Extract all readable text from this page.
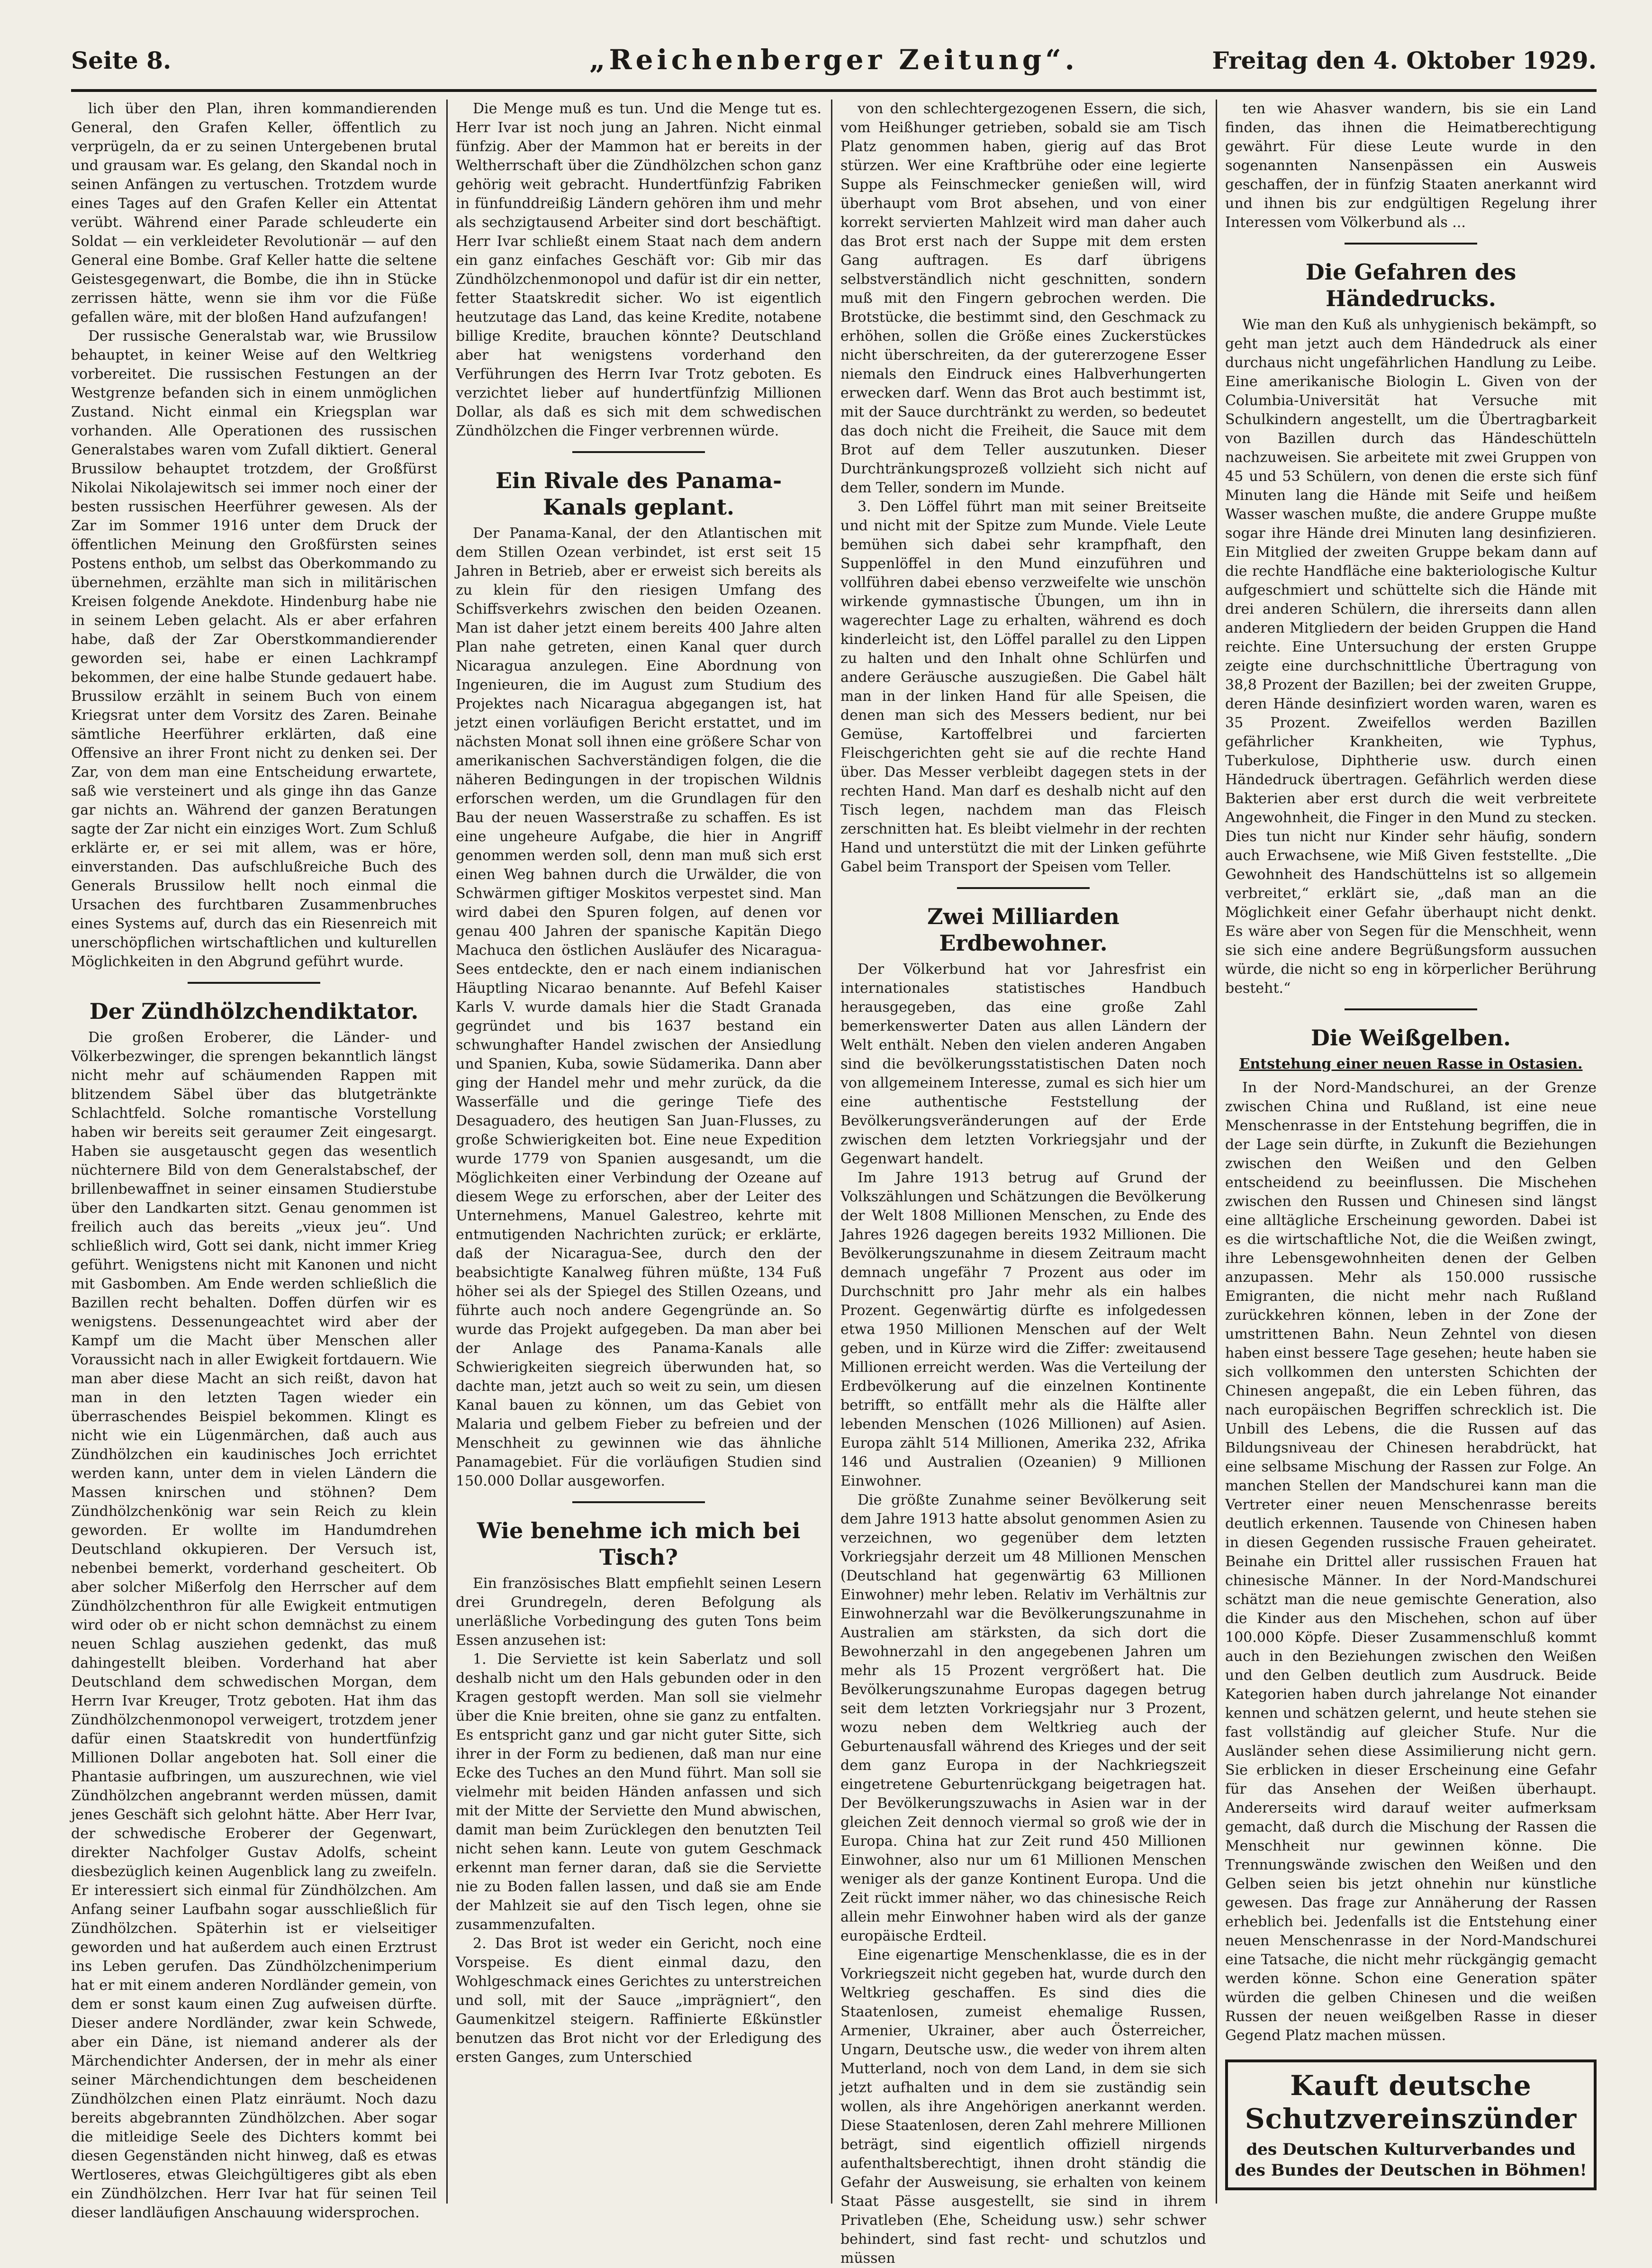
Seite 8.	„Reichenberger Zeitung“.	Freitag den 4. Oktober 1929.

lich über den Plan, ihren kommandierenden General, den Grafen Keller, öffentlich zu verprügeln, da er zu seinen Untergebenen brutal und grausam war. Es gelang, den Skandal noch in seinen Anfängen zu vertuschen. Trotzdem wurde eines Tages auf den Grafen Keller ein Attentat verübt. Während einer Parade schleuderte ein Soldat — ein verkleideter Revolutionär — auf den General eine Bombe. Graf Keller hatte die seltene Geistesgegenwart, die Bombe, die ihn in Stücke zerrissen hätte, wenn sie ihm vor die Füße gefallen wäre, mit der bloßen Hand aufzufangen!

Der russische Generalstab war, wie Brussilow behauptet, in keiner Weise auf den Weltkrieg vorbereitet. Die russischen Festungen an der Westgrenze befanden sich in einem unmöglichen Zustand. Nicht einmal ein Kriegsplan war vorhanden. Alle Operationen des russischen Generalstabes waren vom Zufall diktiert. General Brussilow behauptet trotzdem, der Großfürst Nikolai Nikolajewitsch sei immer noch einer der besten russischen Heerführer gewesen. Als der Zar im Sommer 1916 unter dem Druck der öffentlichen Meinung den Großfürsten seines Postens enthob, um selbst das Oberkommando zu übernehmen, erzählte man sich in militärischen Kreisen folgende Anekdote. Hindenburg habe nie in seinem Leben gelacht. Als er aber erfahren habe, daß der Zar Oberstkommandierender geworden sei, habe er einen Lachkrampf bekommen, der eine halbe Stunde gedauert habe. Brussilow erzählt in seinem Buch von einem Kriegsrat unter dem Vorsitz des Zaren. Beinahe sämtliche Heerführer erklärten, daß eine Offensive an ihrer Front nicht zu denken sei. Der Zar, von dem man eine Entscheidung erwartete, saß wie versteinert und als ginge ihn das Ganze gar nichts an. Während der ganzen Beratungen sagte der Zar nicht ein einziges Wort. Zum Schluß erklärte er, er sei mit allem, was er höre, einverstanden. Das aufschlußreiche Buch des Generals Brussilow hellt noch einmal die Ursachen des furchtbaren Zusammenbruches eines Systems auf, durch das ein Riesenreich mit unerschöpflichen wirtschaftlichen und kulturellen Möglichkeiten in den Abgrund geführt wurde.

Der Zündhölzchendiktator.

Die großen Eroberer, die Länder- und Völkerbezwinger, die sprengen bekanntlich längst nicht mehr auf schäumenden Rappen mit blitzendem Säbel über das blutgetränkte Schlachtfeld. Solche romantische Vorstellung haben wir bereits seit geraumer Zeit eingesargt. Haben sie ausgetauscht gegen das wesentlich nüchternere Bild von dem Generalstabschef, der brillenbewaffnet in seiner einsamen Studierstube über den Landkarten sitzt. Genau genommen ist freilich auch das bereits „vieux jeu“. Und schließlich wird, Gott sei dank, nicht immer Krieg geführt. Wenigstens nicht mit Kanonen und nicht mit Gasbomben. Am Ende werden schließlich die Bazillen recht behalten. Doffen dürfen wir es wenigstens. Dessenungeachtet wird aber der Kampf um die Macht über Menschen aller Voraussicht nach in aller Ewigkeit fortdauern. Wie man aber diese Macht an sich reißt, davon hat man in den letzten Tagen wieder ein überraschendes Beispiel bekommen. Klingt es nicht wie ein Lügenmärchen, daß auch aus Zündhölzchen ein kaudinisches Joch errichtet werden kann, unter dem in vielen Ländern die Massen knirschen und stöhnen? Dem Zündhölzchenkönig war sein Reich zu klein geworden. Er wollte im Handumdrehen Deutschland okkupieren. Der Versuch ist, nebenbei bemerkt, vorderhand gescheitert. Ob aber solcher Mißerfolg den Herrscher auf dem Zündhölzchenthron für alle Ewigkeit entmutigen wird oder ob er nicht schon demnächst zu einem neuen Schlag ausziehen gedenkt, das muß dahingestellt bleiben. Vorderhand hat aber Deutschland dem schwedischen Morgan, dem Herrn Ivar Kreuger, Trotz geboten. Hat ihm das Zündhölzchenmonopol verweigert, trotzdem jener dafür einen Staatskredit von hundertfünfzig Millionen Dollar angeboten hat. Soll einer die Phantasie aufbringen, um auszurechnen, wie viel Zündhölzchen angebrannt werden müssen, damit jenes Geschäft sich gelohnt hätte. Aber Herr Ivar, der schwedische Eroberer der Gegenwart, direkter Nachfolger Gustav Adolfs, scheint diesbezüglich keinen Augenblick lang zu zweifeln. Er interessiert sich einmal für Zündhölzchen. Am Anfang seiner Laufbahn sogar ausschließlich für Zündhölzchen. Späterhin ist er vielseitiger geworden und hat außerdem auch einen Erztrust ins Leben gerufen. Das Zündhölzchenimperium hat er mit einem anderen Nordländer gemein, von dem er sonst kaum einen Zug aufweisen dürfte. Dieser andere Nordländer, zwar kein Schwede, aber ein Däne, ist niemand anderer als der Märchendichter Andersen, der in mehr als einer seiner Märchendichtungen dem bescheidenen Zündhölzchen einen Platz einräumt. Noch dazu bereits abgebrannten Zündhölzchen. Aber sogar die mitleidige Seele des Dichters kommt bei diesen Gegenständen nicht hinweg, daß es etwas Wertloseres, etwas Gleichgültigeres gibt als eben ein Zündhölzchen. Herr Ivar hat für seinen Teil dieser landläufigen Anschauung widersprochen.

Die Menge muß es tun. Und die Menge tut es. Herr Ivar ist noch jung an Jahren. Nicht einmal fünfzig. Aber der Mammon hat er bereits in der Weltherrschaft über die Zündhölzchen schon ganz gehörig weit gebracht. Hundertfünfzig Fabriken in fünfunddreißig Ländern gehören ihm und mehr als sechzigtausend Arbeiter sind dort beschäftigt. Herr Ivar schließt einem Staat nach dem andern ein ganz einfaches Geschäft vor: Gib mir das Zündhölzchenmonopol und dafür ist dir ein netter, fetter Staatskredit sicher. Wo ist eigentlich heutzutage das Land, das keine Kredite, notabene billige Kredite, brauchen könnte? Deutschland aber hat wenigstens vorderhand den Verführungen des Herrn Ivar Trotz geboten. Es verzichtet lieber auf hundertfünfzig Millionen Dollar, als daß es sich mit dem schwedischen Zündhölzchen die Finger verbrennen würde.

Ein Rivale des Panama-Kanals geplant.

Der Panama-Kanal, der den Atlantischen mit dem Stillen Ozean verbindet, ist erst seit 15 Jahren in Betrieb, aber er erweist sich bereits als zu klein für den riesigen Umfang des Schiffsverkehrs zwischen den beiden Ozeanen. Man ist daher jetzt einem bereits 400 Jahre alten Plan nahe getreten, einen Kanal quer durch Nicaragua anzulegen. Eine Abordnung von Ingenieuren, die im August zum Studium des Projektes nach Nicaragua abgegangen ist, hat jetzt einen vorläufigen Bericht erstattet, und im nächsten Monat soll ihnen eine größere Schar von amerikanischen Sachverständigen folgen, die die näheren Bedingungen in der tropischen Wildnis erforschen werden, um die Grundlagen für den Bau der neuen Wasserstraße zu schaffen. Es ist eine ungeheure Aufgabe, die hier in Angriff genommen werden soll, denn man muß sich erst einen Weg bahnen durch die Urwälder, die von Schwärmen giftiger Moskitos verpestet sind. Man wird dabei den Spuren folgen, auf denen vor genau 400 Jahren der spanische Kapitän Diego Machuca den östlichen Ausläufer des Nicaragua-Sees entdeckte, den er nach einem indianischen Häuptling Nicarao benannte. Auf Befehl Kaiser Karls V. wurde damals hier die Stadt Granada gegründet und bis 1637 bestand ein schwunghafter Handel zwischen der Ansiedlung und Spanien, Kuba, sowie Südamerika. Dann aber ging der Handel mehr und mehr zurück, da die Wasserfälle und die geringe Tiefe des Desaguadero, des heutigen San Juan-Flusses, zu große Schwierigkeiten bot. Eine neue Expedition wurde 1779 von Spanien ausgesandt, um die Möglichkeiten einer Verbindung der Ozeane auf diesem Wege zu erforschen, aber der Leiter des Unternehmens, Manuel Galestreo, kehrte mit entmutigenden Nachrichten zurück; er erklärte, daß der Nicaragua-See, durch den der beabsichtigte Kanalweg führen müßte, 134 Fuß höher sei als der Spiegel des Stillen Ozeans, und führte auch noch andere Gegengründe an. So wurde das Projekt aufgegeben. Da man aber bei der Anlage des Panama-Kanals alle Schwierigkeiten siegreich überwunden hat, so dachte man, jetzt auch so weit zu sein, um diesen Kanal bauen zu können, um das Gebiet von Malaria und gelbem Fieber zu befreien und der Menschheit zu gewinnen wie das ähnliche Panamagebiet. Für die vorläufigen Studien sind 150.000 Dollar ausgeworfen.

Wie benehme ich mich bei Tisch?

Ein französisches Blatt empfiehlt seinen Lesern drei Grundregeln, deren Befolgung als unerläßliche Vorbedingung des guten Tons beim Essen anzusehen ist:

1. Die Serviette ist kein Saberlatz und soll deshalb nicht um den Hals gebunden oder in den Kragen gestopft werden. Man soll sie vielmehr über die Knie breiten, ohne sie ganz zu entfalten. Es entspricht ganz und gar nicht guter Sitte, sich ihrer in der Form zu bedienen, daß man nur eine Ecke des Tuches an den Mund führt. Man soll sie vielmehr mit beiden Händen anfassen und sich mit der Mitte der Serviette den Mund abwischen, damit man beim Zurücklegen den benutzten Teil nicht sehen kann. Leute von gutem Geschmack erkennt man ferner daran, daß sie die Serviette nie zu Boden fallen lassen, und daß sie am Ende der Mahlzeit sie auf den Tisch legen, ohne sie zusammenzufalten.

2. Das Brot ist weder ein Gericht, noch eine Vorspeise. Es dient einmal dazu, den Wohlgeschmack eines Gerichtes zu unterstreichen und soll, mit der Sauce „imprägniert“, den Gaumenkitzel steigern. Raffinierte Eßkünstler benutzen das Brot nicht vor der Erledigung des ersten Ganges, zum Unterschied

von den schlechtergezogenen Essern, die sich, vom Heißhunger getrieben, sobald sie am Tisch Platz genommen haben, gierig auf das Brot stürzen. Wer eine Kraftbrühe oder eine legierte Suppe als Feinschmecker genießen will, wird überhaupt vom Brot absehen, und von einer korrekt servierten Mahlzeit wird man daher auch das Brot erst nach der Suppe mit dem ersten Gang auftragen. Es darf übrigens selbstverständlich nicht geschnitten, sondern muß mit den Fingern gebrochen werden. Die Brotstücke, die bestimmt sind, den Geschmack zu erhöhen, sollen die Größe eines Zuckerstückes nicht überschreiten, da der gutererzogene Esser niemals den Eindruck eines Halbverhungerten erwecken darf. Wenn das Brot auch bestimmt ist, mit der Sauce durchtränkt zu werden, so bedeutet das doch nicht die Freiheit, die Sauce mit dem Brot auf dem Teller auszutunken. Dieser Durchtränkungsprozeß vollzieht sich nicht auf dem Teller, sondern im Munde.

3. Den Löffel führt man mit seiner Breitseite und nicht mit der Spitze zum Munde. Viele Leute bemühen sich dabei sehr krampfhaft, den Suppenlöffel in den Mund einzuführen und vollführen dabei ebenso verzweifelte wie unschön wirkende gymnastische Übungen, um ihn in wagerechter Lage zu erhalten, während es doch kinderleicht ist, den Löffel parallel zu den Lippen zu halten und den Inhalt ohne Schlürfen und andere Geräusche auszugießen. Die Gabel hält man in der linken Hand für alle Speisen, die denen man sich des Messers bedient, nur bei Gemüse, Kartoffelbrei und farcierten Fleischgerichten geht sie auf die rechte Hand über. Das Messer verbleibt dagegen stets in der rechten Hand. Man darf es deshalb nicht auf den Tisch legen, nachdem man das Fleisch zerschnitten hat. Es bleibt vielmehr in der rechten Hand und unterstützt die mit der Linken geführte Gabel beim Transport der Speisen vom Teller.

Zwei Milliarden Erdbewohner.

Der Völkerbund hat vor Jahresfrist ein internationales statistisches Handbuch herausgegeben, das eine große Zahl bemerkenswerter Daten aus allen Ländern der Welt enthält. Neben den vielen anderen Angaben sind die bevölkerungsstatistischen Daten noch von allgemeinem Interesse, zumal es sich hier um eine authentische Feststellung der Bevölkerungsveränderungen auf der Erde zwischen dem letzten Vorkriegsjahr und der Gegenwart handelt.

Im Jahre 1913 betrug auf Grund der Volkszählungen und Schätzungen die Bevölkerung der Welt 1808 Millionen Menschen, zu Ende des Jahres 1926 dagegen bereits 1932 Millionen. Die Bevölkerungszunahme in diesem Zeitraum macht demnach ungefähr 7 Prozent aus oder im Durchschnitt pro Jahr mehr als ein halbes Prozent. Gegenwärtig dürfte es infolgedessen etwa 1950 Millionen Menschen auf der Welt geben, und in Kürze wird die Ziffer: zweitausend Millionen erreicht werden. Was die Verteilung der Erdbevölkerung auf die einzelnen Kontinente betrifft, so entfällt mehr als die Hälfte aller lebenden Menschen (1026 Millionen) auf Asien. Europa zählt 514 Millionen, Amerika 232, Afrika 146 und Australien (Ozeanien) 9 Millionen Einwohner.

Die größte Zunahme seiner Bevölkerung seit dem Jahre 1913 hatte absolut genommen Asien zu verzeichnen, wo gegenüber dem letzten Vorkriegsjahr derzeit um 48 Millionen Menschen (Deutschland hat gegenwärtig 63 Millionen Einwohner) mehr leben. Relativ im Verhältnis zur Einwohnerzahl war die Bevölkerungszunahme in Australien am stärksten, da sich dort die Bewohnerzahl in den angegebenen Jahren um mehr als 15 Prozent vergrößert hat. Die Bevölkerungszunahme Europas dagegen betrug seit dem letzten Vorkriegsjahr nur 3 Prozent, wozu neben dem Weltkrieg auch der Geburtenausfall während des Krieges und der seit dem ganz Europa in der Nachkriegszeit eingetretene Geburtenrückgang beigetragen hat. Der Bevölkerungszuwachs in Asien war in der gleichen Zeit dennoch viermal so groß wie der in Europa. China hat zur Zeit rund 450 Millionen Einwohner, also nur um 61 Millionen Menschen weniger als der ganze Kontinent Europa. Und die Zeit rückt immer näher, wo das chinesische Reich allein mehr Einwohner haben wird als der ganze europäische Erdteil.

Eine eigenartige Menschenklasse, die es in der Vorkriegszeit nicht gegeben hat, wurde durch den Weltkrieg geschaffen. Es sind dies die Staatenlosen, zumeist ehemalige Russen, Armenier, Ukrainer, aber auch Österreicher, Ungarn, Deutsche usw., die weder von ihrem alten Mutterland, noch von dem Land, in dem sie sich jetzt aufhalten und in dem sie zuständig sein wollen, als ihre Angehörigen anerkannt werden. Diese Staatenlosen, deren Zahl mehrere Millionen beträgt, sind eigentlich offiziell nirgends aufenthaltsberechtigt, ihnen droht ständig die Gefahr der Ausweisung, sie erhalten von keinem Staat Pässe ausgestellt, sie sind in ihrem Privatleben (Ehe, Scheidung usw.) sehr schwer behindert, sind fast recht- und schutzlos und müssen

ten wie Ahasver wandern, bis sie ein Land finden, das ihnen die Heimatberechtigung gewährt. Für diese Leute wurde in den sogenannten Nansenpässen ein Ausweis geschaffen, der in fünfzig Staaten anerkannt wird und ihnen bis zur endgültigen Regelung ihrer Interessen vom Völkerbund als ...

Die Gefahren des Händedrucks.

Wie man den Kuß als unhygienisch bekämpft, so geht man jetzt auch dem Händedruck als einer durchaus nicht ungefährlichen Handlung zu Leibe. Eine amerikanische Biologin L. Given von der Columbia-Universität hat Versuche mit Schulkindern angestellt, um die Übertragbarkeit von Bazillen durch das Händeschütteln nachzuweisen. Sie arbeitete mit zwei Gruppen von 45 und 53 Schülern, von denen die erste sich fünf Minuten lang die Hände mit Seife und heißem Wasser waschen mußte, die andere Gruppe mußte sogar ihre Hände drei Minuten lang desinfizieren. Ein Mitglied der zweiten Gruppe bekam dann auf die rechte Handfläche eine bakteriologische Kultur aufgeschmiert und schüttelte sich die Hände mit drei anderen Schülern, die ihrerseits dann allen anderen Mitgliedern der beiden Gruppen die Hand reichte. Eine Untersuchung der ersten Gruppe zeigte eine durchschnittliche Übertragung von 38,8 Prozent der Bazillen; bei der zweiten Gruppe, deren Hände desinfiziert worden waren, waren es 35 Prozent. Zweifellos werden Bazillen gefährlicher Krankheiten, wie Typhus, Tuberkulose, Diphtherie usw. durch einen Händedruck übertragen. Gefährlich werden diese Bakterien aber erst durch die weit verbreitete Angewohnheit, die Finger in den Mund zu stecken. Dies tun nicht nur Kinder sehr häufig, sondern auch Erwachsene, wie Miß Given feststellte. „Die Gewohnheit des Handschüttelns ist so allgemein verbreitet,“ erklärt sie, „daß man an die Möglichkeit einer Gefahr überhaupt nicht denkt. Es wäre aber von Segen für die Menschheit, wenn sie sich eine andere Begrüßungsform aussuchen würde, die nicht so eng in körperlicher Berührung besteht.“

Die Weißgelben.
Entstehung einer neuen Rasse in Ostasien.

In der Nord-Mandschurei, an der Grenze zwischen China und Rußland, ist eine neue Menschenrasse in der Entstehung begriffen, die in der Lage sein dürfte, in Zukunft die Beziehungen zwischen den Weißen und den Gelben entscheidend zu beeinflussen. Die Mischehen zwischen den Russen und Chinesen sind längst eine alltägliche Erscheinung geworden. Dabei ist es die wirtschaftliche Not, die die Weißen zwingt, ihre Lebensgewohnheiten denen der Gelben anzupassen. Mehr als 150.000 russische Emigranten, die nicht mehr nach Rußland zurückkehren können, leben in der Zone der umstrittenen Bahn. Neun Zehntel von diesen haben einst bessere Tage gesehen; heute haben sie sich vollkommen den untersten Schichten der Chinesen angepaßt, die ein Leben führen, das nach europäischen Begriffen schrecklich ist. Die Unbill des Lebens, die die Russen auf das Bildungsniveau der Chinesen herabdrückt, hat eine selbsame Mischung der Rassen zur Folge. An manchen Stellen der Mandschurei kann man die Vertreter einer neuen Menschenrasse bereits deutlich erkennen. Tausende von Chinesen haben in diesen Gegenden russische Frauen geheiratet. Beinahe ein Drittel aller russischen Frauen hat chinesische Männer. In der Nord-Mandschurei schätzt man die neue gemischte Generation, also die Kinder aus den Mischehen, schon auf über 100.000 Köpfe. Dieser Zusammenschluß kommt auch in den Beziehungen zwischen den Weißen und den Gelben deutlich zum Ausdruck. Beide Kategorien haben durch jahrelange Not einander kennen und schätzen gelernt, und heute stehen sie fast vollständig auf gleicher Stufe. Nur die Ausländer sehen diese Assimilierung nicht gern. Sie erblicken in dieser Erscheinung eine Gefahr für das Ansehen der Weißen überhaupt. Andererseits wird darauf weiter aufmerksam gemacht, daß durch die Mischung der Rassen die Menschheit nur gewinnen könne. Die Trennungswände zwischen den Weißen und den Gelben seien bis jetzt ohnehin nur künstliche gewesen. Das frage zur Annäherung der Rassen erheblich bei. Jedenfalls ist die Entstehung einer neuen Menschenrasse in der Nord-Mandschurei eine Tatsache, die nicht mehr rückgängig gemacht werden könne. Schon eine Generation später würden die gelben Chinesen und die weißen Russen der neuen weißgelben Rasse in dieser Gegend Platz machen müssen.

Kauft deutsche Schutzvereinszünder
des Deutschen Kulturverbandes und des Bundes der Deutschen in Böhmen!
